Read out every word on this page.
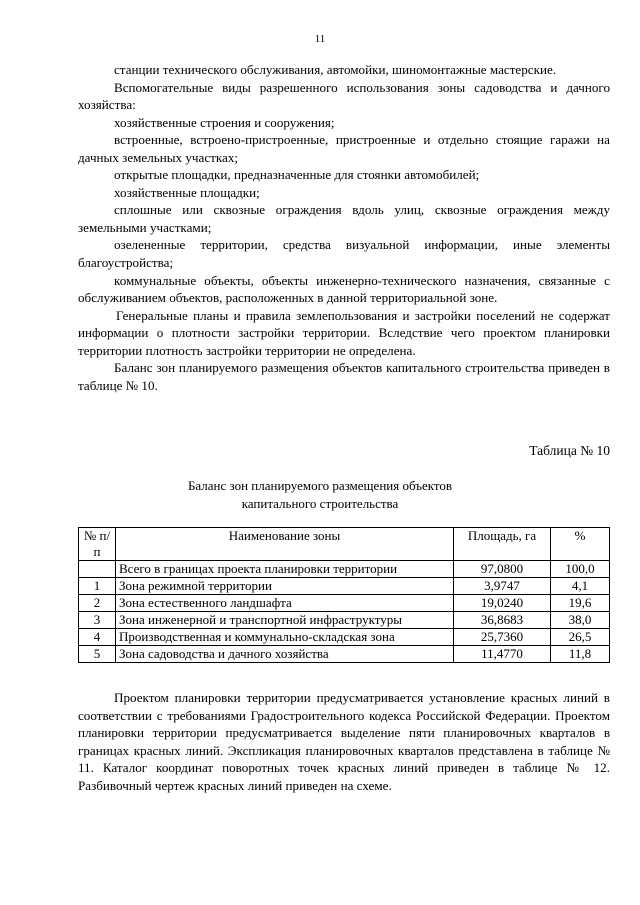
11

станции технического обслуживания, автомойки, шиномонтажные мастерские.

Вспомогательные виды разрешенного использования зоны садоводства и дачного хозяйства:

хозяйственные строения и сооружения;

встроенные, встроено-пристроенные, пристроенные и отдельно стоящие гаражи на дачных земельных участках;

открытые площадки, предназначенные для стоянки автомобилей;

хозяйственные площадки;

сплошные или сквозные ограждения вдоль улиц, сквозные ограждения между земельными участками;

озелененные территории, средства визуальной информации, иные элементы благоустройства;

коммунальные объекты, объекты инженерно-технического назначения, связанные с обслуживанием объектов, расположенных в данной территориальной зоне.

Генеральные планы и правила землепользования и застройки поселений не содержат информации о плотности застройки территории. Вследствие чего проектом планировки территории плотность застройки территории не определена.

Баланс зон планируемого размещения объектов капитального строительства приведен в таблице № 10.

Таблица № 10
Баланс зон планируемого размещения объектов
капитального строительства
№ п/п	Наименование зоны	Площадь, га	%
	Всего в границах проекта планировки территории	97,0800	100,0
1	Зона режимной территории	3,9747	4,1
2	Зона естественного ландшафта	19,0240	19,6
3	Зона инженерной и транспортной инфраструктуры	36,8683	38,0
4	Производственная и коммунально-складская зона	25,7360	26,5
5	Зона садоводства и дачного хозяйства	11,4770	11,8

Проектом планировки территории предусматривается установление красных линий в соответствии с требованиями Градостроительного кодекса Российской Федерации. Проектом планировки территории предусматривается выделение пяти планировочных кварталов в границах красных линий. Экспликация планировочных кварталов представлена в таблице № 11. Каталог координат поворотных точек красных линий приведен в таблице № 12. Разбивочный чертеж красных линий приведен на схеме.
